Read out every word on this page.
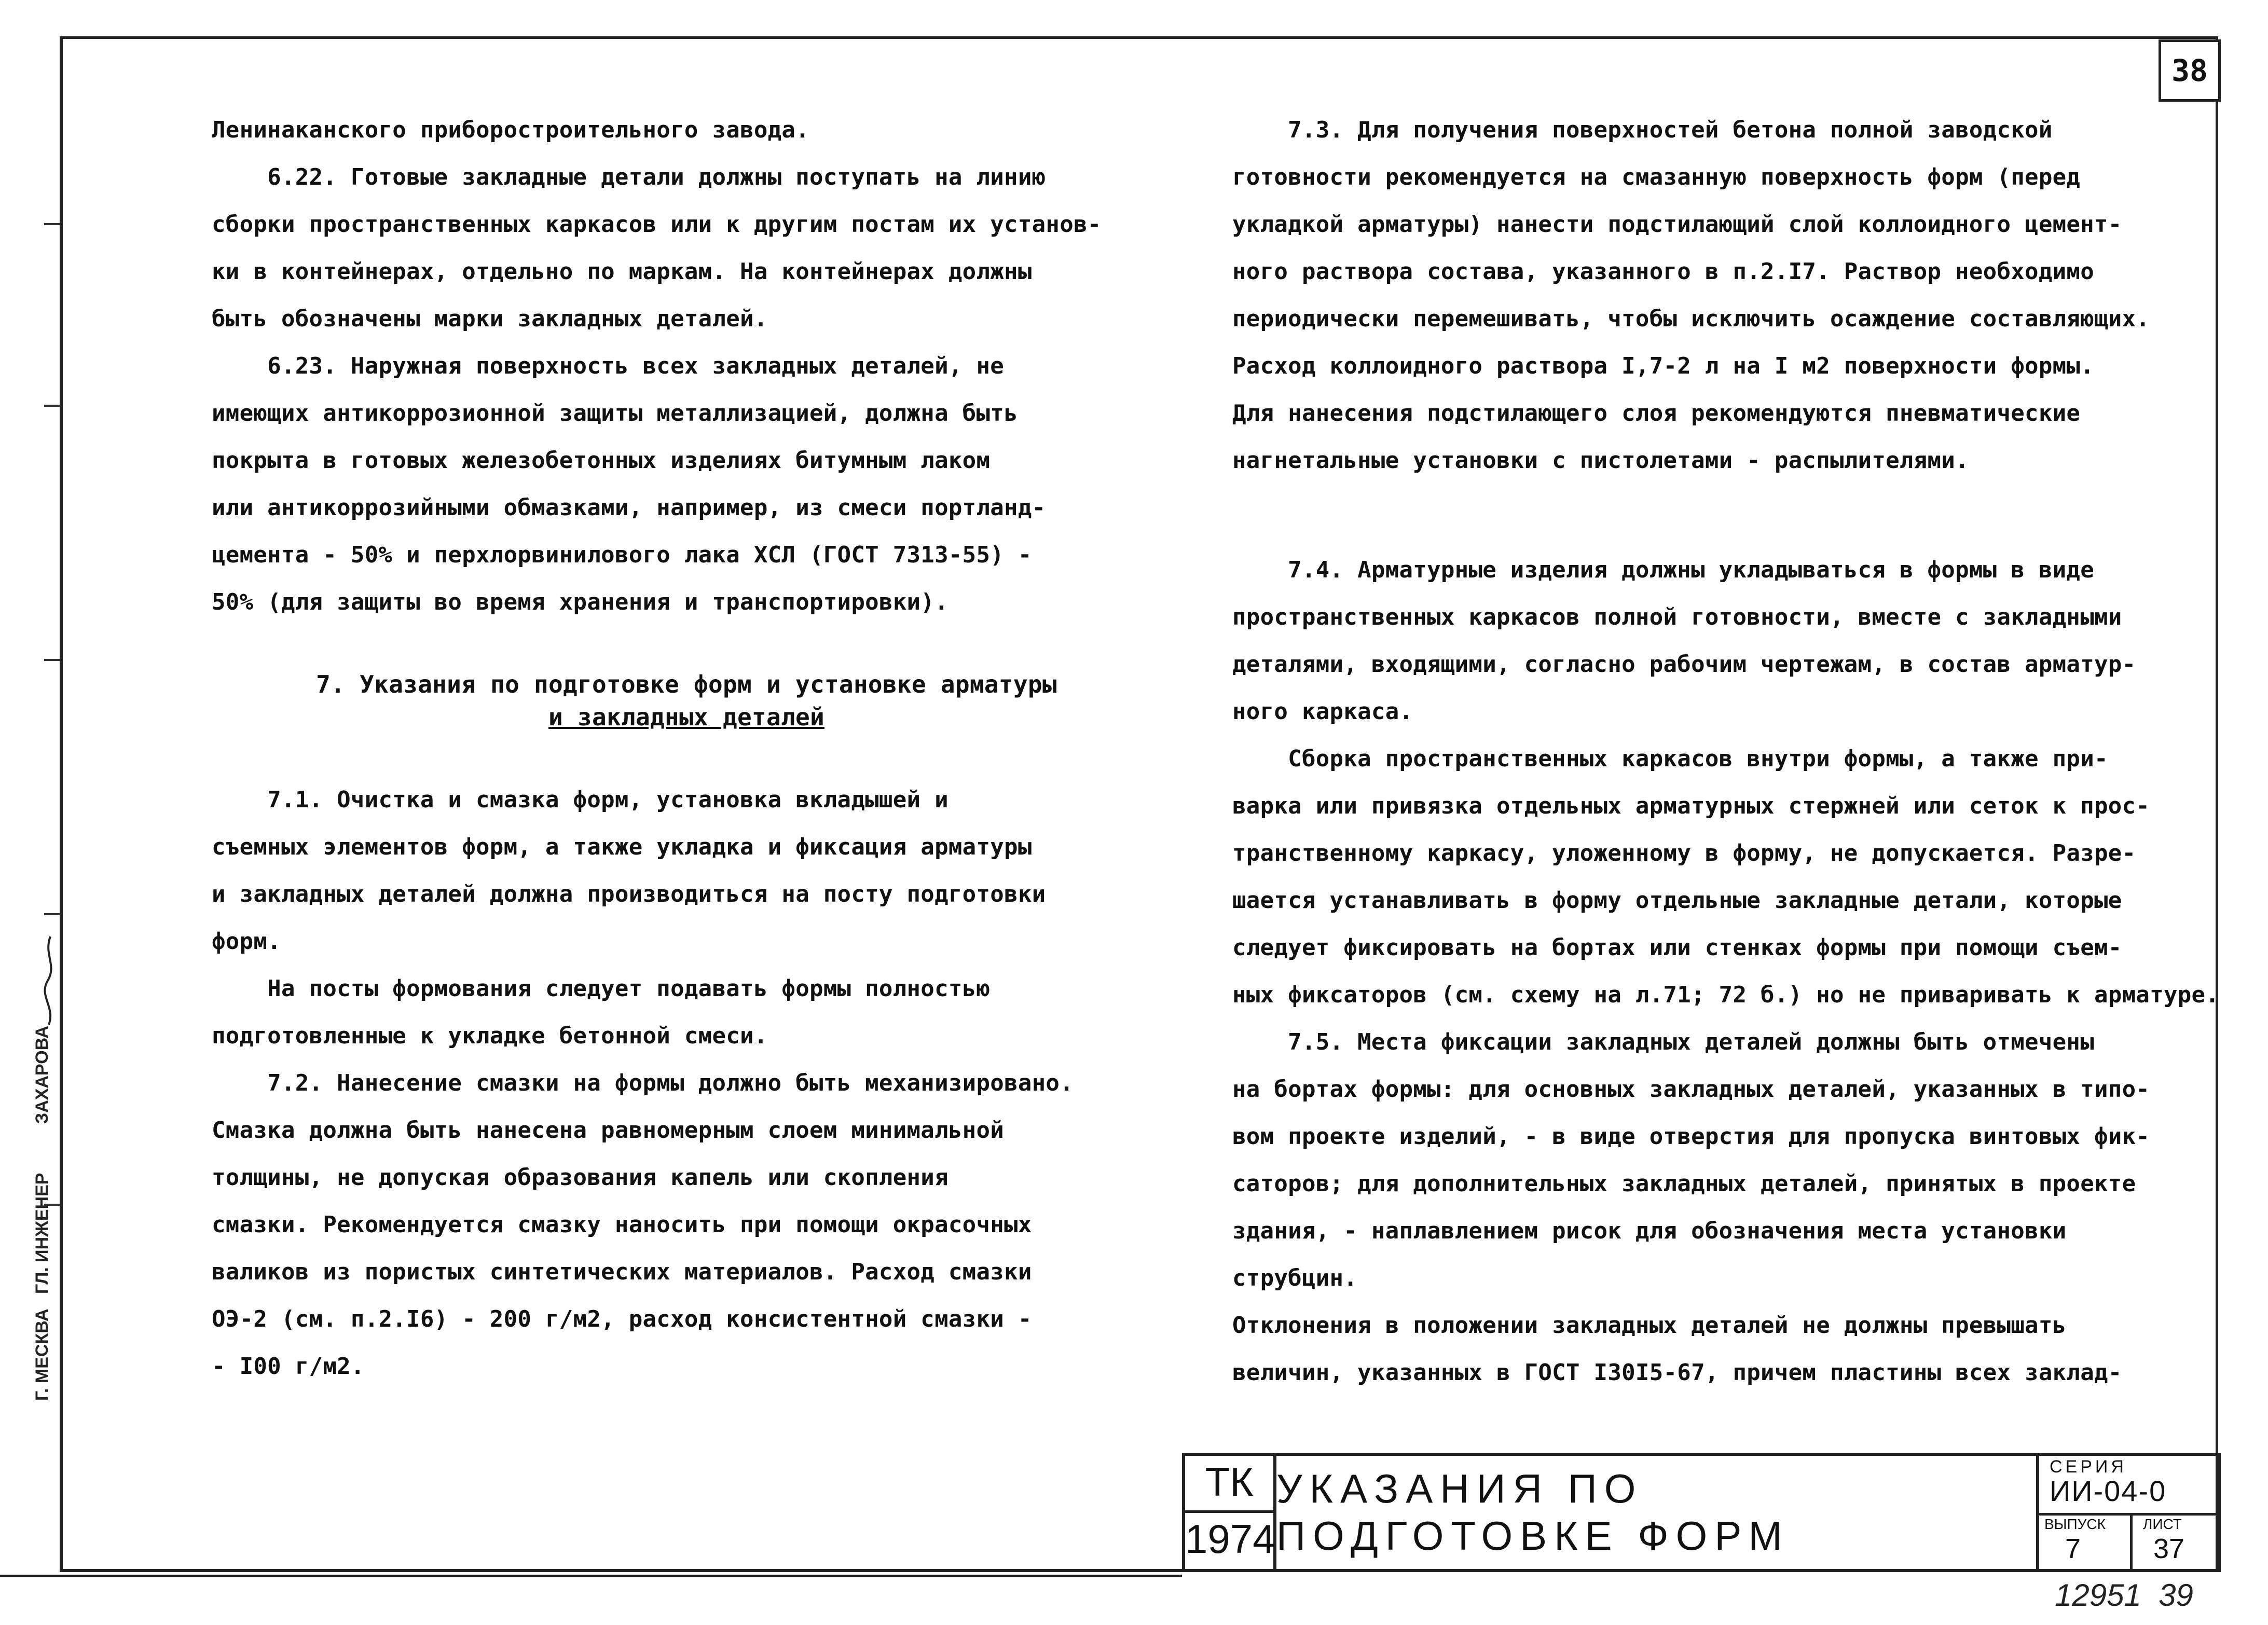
38
Г. МЕСКВА   ГЛ. ИНЖЕНЕР          ЗАХАРОВА
Ленинаканского приборостроительного завода.
6.22. Готовые закладные детали должны поступать на линию
сборки пространственных каркасов или к другим постам их установ-
ки в контейнерах, отдельно по маркам. На контейнерах должны
быть обозначены марки закладных деталей.
6.23. Наружная поверхность всех закладных деталей, не
имеющих антикоррозионной защиты металлизацией, должна быть
покрыта в готовых железобетонных изделиях битумным лаком
или антикоррозийными обмазками, например, из смеси портланд-
цемента - 50% и перхлорвинилового лака ХСЛ (ГОСТ 7313-55) -
50% (для защиты во время хранения и транспортировки).
7. Указания по подготовке форм и установке арматуры
и закладных деталей
7.1. Очистка и смазка форм, установка вкладышей и
съемных элементов форм, а также укладка и фиксация арматуры
и закладных деталей должна производиться на посту подготовки
форм.
На посты формования следует подавать формы полностью
подготовленные к укладке бетонной смеси.
7.2. Нанесение смазки на формы должно быть механизировано.
Смазка должна быть нанесена равномерным слоем минимальной
толщины, не допуская образования капель или скопления
смазки. Рекомендуется смазку наносить при помощи окрасочных
валиков из пористых синтетических материалов. Расход смазки
ОЭ-2 (см. п.2.I6) - 200 г/м2, расход консистентной смазки -
- I00 г/м2.
7.3. Для получения поверхностей бетона полной заводской
готовности рекомендуется на смазанную поверхность форм (перед
укладкой арматуры) нанести подстилающий слой коллоидного цемент-
ного раствора состава, указанного в п.2.I7. Раствор необходимо
периодически перемешивать, чтобы исключить осаждение составляющих.
Расход коллоидного раствора I,7-2 л на I м2 поверхности формы.
Для нанесения подстилающего слоя рекомендуются пневматические
нагнетальные установки с пистолетами - распылителями.
7.4. Арматурные изделия должны укладываться в формы в виде
пространственных каркасов полной готовности, вместе с закладными
деталями, входящими, согласно рабочим чертежам, в состав арматур-
ного каркаса.
Сборка пространственных каркасов внутри формы, а также при-
варка или привязка отдельных арматурных стержней или сеток к прос-
транственному каркасу, уложенному в форму, не допускается. Разре-
шается устанавливать в форму отдельные закладные детали, которые
следует фиксировать на бортах или стенках формы при помощи съем-
ных фиксаторов (см. схему на л.71; 72 б.) но не приваривать к арматуре.
7.5. Места фиксации закладных деталей должны быть отмечены
на бортах формы: для основных закладных деталей, указанных в типо-
вом проекте изделий, - в виде отверстия для пропуска винтовых фик-
саторов; для дополнительных закладных деталей, принятых в проекте
здания, - наплавлением рисок для обозначения места установки
струбцин.
Отклонения в положении закладных деталей не должны превышать
величин, указанных в ГОСТ I30I5-67, причем пластины всех заклад-
ТК
1974
УКАЗАНИЯ ПО ПОДГОТОВКЕ ФОРМ
СЕРИЯ
ИИ-04-0
ВЫПУСК	ЛИСТ
7	37
12951  39
